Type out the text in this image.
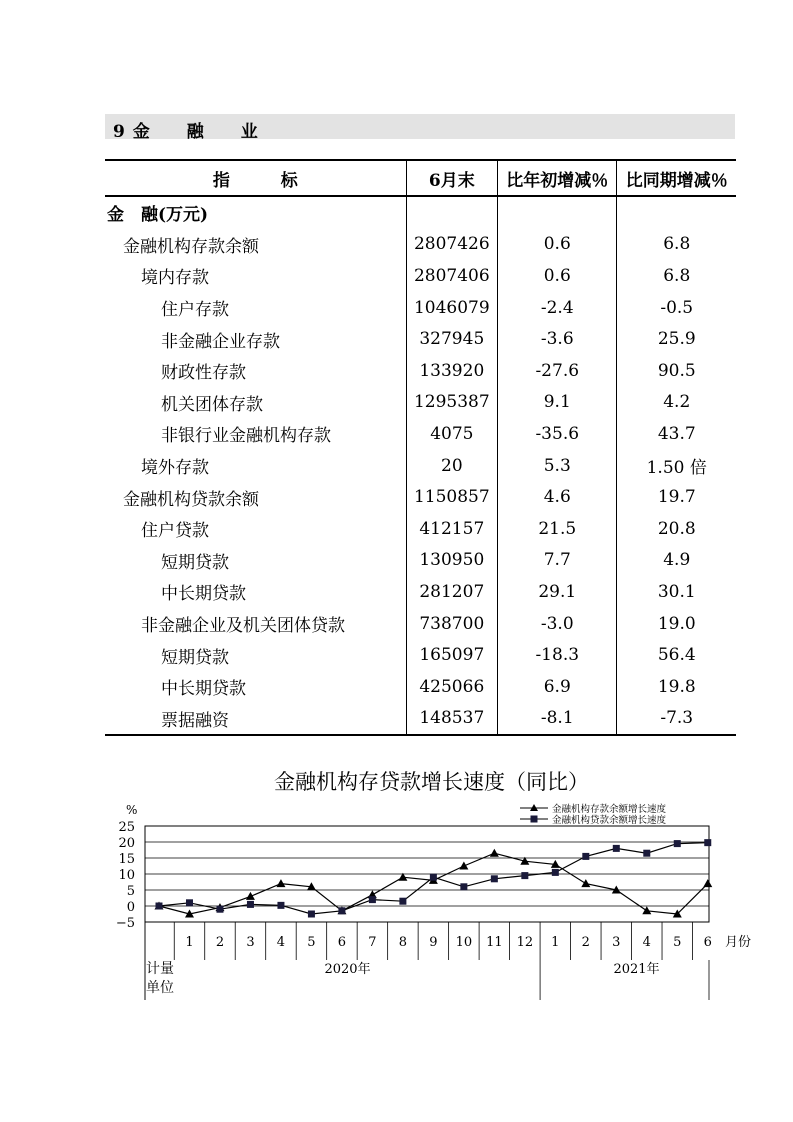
9 金　　融　　业
指　　　标	6月末	比年初增减％	比同期增减％
金　融(万元)			
金融机构存款余额	2807426	0.6	6.8
境内存款	2807406	0.6	6.8
住户存款	1046079	-2.4	-0.5
非金融企业存款	327945	-3.6	25.9
财政性存款	133920	-27.6	90.5
机关团体存款	1295387	9.1	4.2
非银行业金融机构存款	4075	-35.6	43.7
境外存款	20	5.3	1.50 倍
金融机构贷款余额	1150857	4.6	19.7
住户贷款	412157	21.5	20.8
短期贷款	130950	7.7	4.9
中长期贷款	281207	29.1	30.1
非金融企业及机关团体贷款	738700	-3.0	19.0
短期贷款	165097	-18.3	56.4
中长期贷款	425066	6.9	19.8
票据融资	148537	-8.1	-7.3
金融机构存贷款增长速度（同比）
25
20
15
10
5
0
−5
%
1 2 3 4 5 6 7 8 9 10 11 12 1 2 3 4 5 6 月份
2020年	2021年
计量
单位
金融机构存款余额增长速度
金融机构贷款余额增长速度
